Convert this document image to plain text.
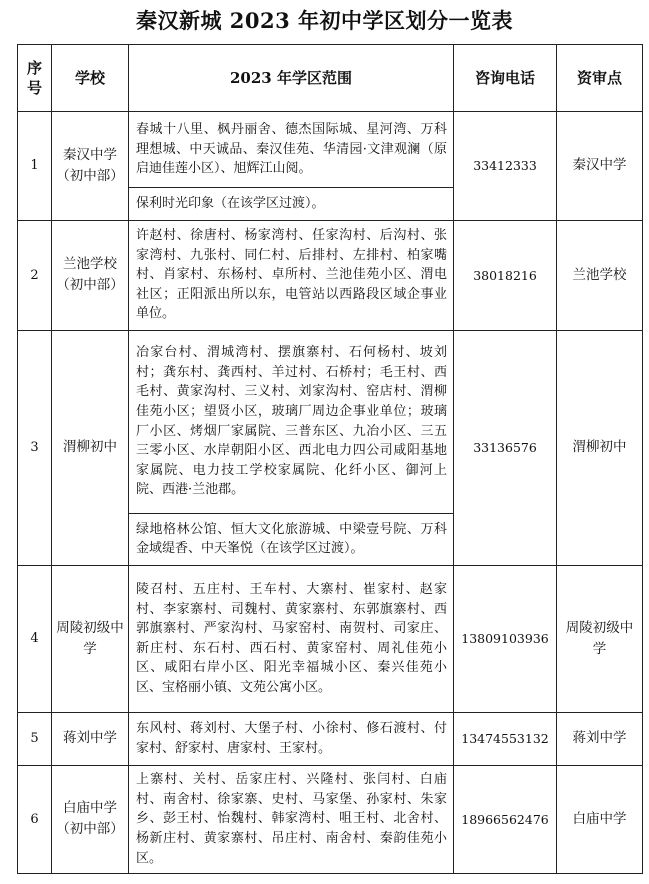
秦汉新城 2023 年初中学区划分一览表
序号	学校	2023 年学区范围	咨询电话	资审点
1	秦汉中学（初中部）	春城十八里、枫丹丽舍、德杰国际城、星河湾、万科理想城、中天诚品、秦汉佳苑、华清园·文津观澜（原启迪佳莲小区）、旭辉江山阅。	33412333	秦汉中学
		保利时光印象（在该学区过渡）。		
2	兰池学校（初中部）	许赵村、徐唐村、杨家湾村、任家沟村、后沟村、张家湾村、九张村、同仁村、后排村、左排村、柏家嘴村、肖家村、东杨村、卓所村、兰池佳苑小区、渭电社区；正阳派出所以东，电管站以西路段区域企事业单位。	38018216	兰池学校
3	渭柳初中	冶家台村、渭城湾村、摆旗寨村、石何杨村、坡刘村；龚东村、龚西村、羊过村、石桥村；毛王村、西毛村、黄家沟村、三义村、刘家沟村、窑店村、渭柳佳苑小区；望贤小区，玻璃厂周边企事业单位；玻璃厂小区、烤烟厂家属院、三普东区、九冶小区、三五三零小区、水岸朝阳小区、西北电力四公司咸阳基地家属院、电力技工学校家属院、化纤小区、御河上院、西港·兰池郡。	33136576	渭柳初中
		绿地格林公馆、恒大文化旅游城、中梁壹号院、万科金域缇香、中天峯悦（在该学区过渡）。		
4	周陵初级中学	陵召村、五庄村、王车村、大寨村、崔家村、赵家村、李家寨村、司魏村、黄家寨村、东郭旗寨村、西郭旗寨村、严家沟村、马家窑村、南贺村、司家庄、新庄村、东石村、西石村、黄家窑村、周礼佳苑小区、咸阳右岸小区、阳光幸福城小区、秦兴佳苑小区、宝格丽小镇、文苑公寓小区。	13809103936	周陵初级中学
5	蒋刘中学	东风村、蒋刘村、大堡子村、小徐村、修石渡村、付家村、舒家村、唐家村、王家村。	13474553132	蒋刘中学
6	白庙中学（初中部）	上寨村、关村、岳家庄村、兴隆村、张闫村、白庙村、南舍村、徐家寨、史村、马家堡、孙家村、朱家乡、彭王村、怡魏村、韩家湾村、咀王村、北舍村、杨新庄村、黄家寨村、吊庄村、南舍村、秦韵佳苑小区。	18966562476	白庙中学
